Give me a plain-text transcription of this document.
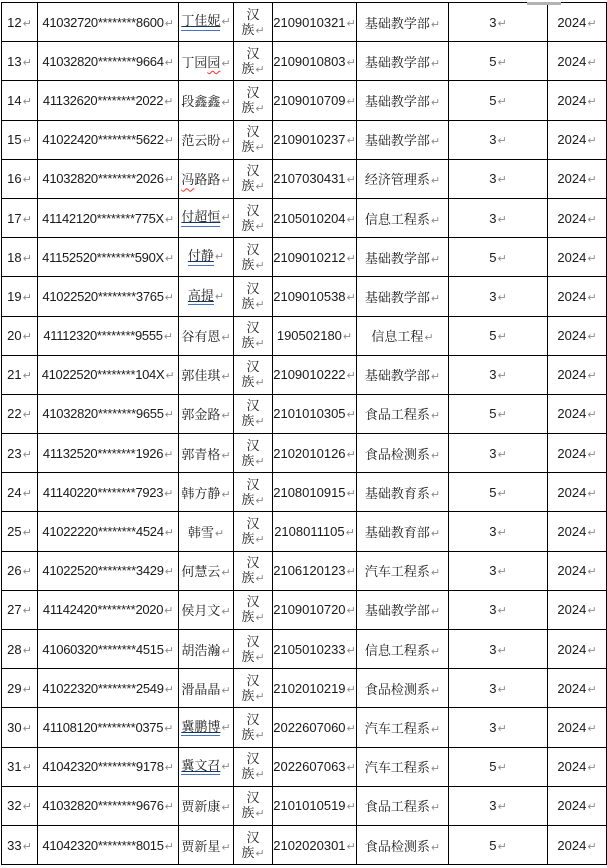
12↵	41032720********8600↵	丁佳妮↵	汉
族↵	2109010321↵	基础教学部↵	3↵	2024↵
13↵	41032820********9664↵	丁园园↵	汉
族↵	2109010803↵	基础教学部↵	5↵	2024↵
14↵	41132620********2022↵	段鑫鑫↵	汉
族↵	2109010709↵	基础教学部↵	5↵	2024↵
15↵	41022420********5622↵	范云盼↵	汉
族↵	2109010237↵	基础教学部↵	3↵	2024↵
16↵	41032820********2026↵	冯路路↵	汉
族↵	2107030431↵	经济管理系↵	3↵	2024↵
17↵	41142120********775X↵	付超恒↵	汉
族↵	2105010204↵	信息工程系↵	3↵	2024↵
18↵	41152520********590X↵	付静↵	汉
族↵	2109010212↵	基础教学部↵	5↵	2024↵
19↵	41022520********3765↵	高提↵	汉
族↵	2109010538↵	基础教学部↵	3↵	2024↵
20↵	41112320********9555↵	谷有恩↵	汉
族↵	190502180↵	信息工程↵	5↵	2024↵
21↵	41022520********104X↵	郭佳琪↵	汉
族↵	2109010222↵	基础教学部↵	3↵	2024↵
22↵	41032820********9655↵	郭金路↵	汉
族↵	2101010305↵	食品工程系↵	5↵	2024↵
23↵	41132520********1926↵	郭青格↵	汉
族↵	2102010126↵	食品检测系↵	3↵	2024↵
24↵	41140220********7923↵	韩方静↵	汉
族↵	2108010915↵	基础教育系↵	5↵	2024↵
25↵	41022220********4524↵	韩雪↵	汉
族↵	2108011105↵	基础教育部↵	3↵	2024↵
26↵	41022520********3429↵	何慧云↵	汉
族↵	2106120123↵	汽车工程系↵	3↵	2024↵
27↵	41142420********2020↵	侯月文↵	汉
族↵	2109010720↵	基础教学部↵	3↵	2024↵
28↵	41060320********4515↵	胡浩瀚↵	汉
族↵	2105010233↵	信息工程系↵	3↵	2024↵
29↵	41022320********2549↵	滑晶晶↵	汉
族↵	2102010219↵	食品检测系↵	3↵	2024↵
30↵	41108120********0375↵	冀鹏博↵	汉
族↵	2022607060↵	汽车工程系↵	3↵	2024↵
31↵	41042320********9178↵	冀文召↵	汉
族↵	2022607063↵	汽车工程系↵	5↵	2024↵
32↵	41032820********9676↵	贾新康↵	汉
族↵	2101010519↵	食品工程系↵	3↵	2024↵
33↵	41042320********8015↵	贾新星↵	汉
族↵	2102020301↵	食品检测系↵	5↵	2024↵
